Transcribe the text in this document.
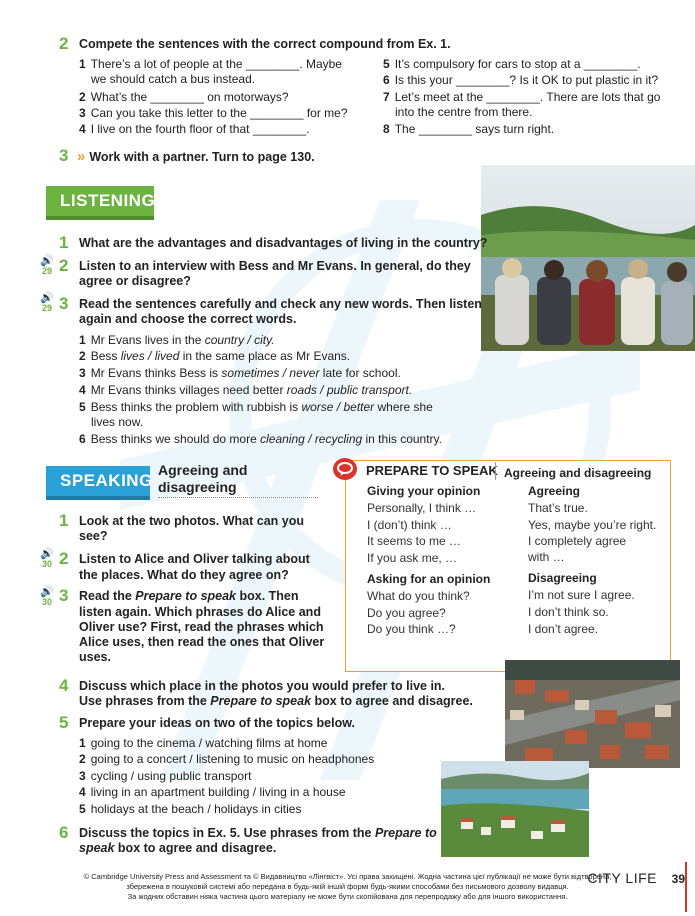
2 Compete the sentences with the correct compound from Ex. 1.
1 There’s a lot of people at the ________. Maybe
we should catch a bus instead.
2 What’s the ________ on motorways?
3 Can you take this letter to the ________ for me?
4 I live on the fourth floor of that ________.
5 It’s compulsory for cars to stop at a ________.
6 Is this your ________? Is it OK to put plastic in it?
7 Let’s meet at the ________. There are lots that go
into the centre from there.
8 The ________ says turn right.
3 » Work with a partner. Turn to page 130.
LISTENING
1 What are the advantages and disadvantages of living in the country?
🔊
29 2 Listen to an interview with Bess and Mr Evans. In general, do they
agree or disagree?
🔊
29 3 Read the sentences carefully and check any new words. Then listen
again and choose the correct words.
1 Mr Evans lives in the country / city.
2 Bess lives / lived in the same place as Mr Evans.
3 Mr Evans thinks Bess is sometimes / never late for school.
4 Mr Evans thinks villages need better roads / public transport.
5 Bess thinks the problem with rubbish is worse / better where she
lives now.
6 Bess thinks we should do more cleaning / recycling in this country.
SPEAKING
Agreeing and
disagreeing
PREPARE TO SPEAK Agreeing and disagreeing
Giving your opinion
Personally, I think …
I (don’t) think …
It seems to me …
If you ask me, …
Asking for an opinion
What do you think?
Do you agree?
Do you think …?
Agreeing
That’s true.
Yes, maybe you’re right.
I completely agree
with …
Disagreeing
I’m not sure I agree.
I don’t think so.
I don’t agree.
1 Look at the two photos. What can you
see?
🔊
30 2 Listen to Alice and Oliver talking about
the places. What do they agree on?
🔊
30 3 Read the Prepare to speak box. Then
listen again. Which phrases do Alice and
Oliver use? First, read the phrases which
Alice uses, then read the ones that Oliver
uses.
4 Discuss which place in the photos you would prefer to live in.
Use phrases from the Prepare to speak box to agree and disagree.
5 Prepare your ideas on two of the topics below.
1 going to the cinema / watching films at home
2 going to a concert / listening to music on headphones
3 cycling / using public transport
4 living in an apartment building / living in a house
5 holidays at the beach / holidays in cities
6 Discuss the topics in Ex. 5. Use phrases from the Prepare to
speak box to agree and disagree.
© Cambridge University Press and Assessment та © Видавництво «Лінгвіст». Усі права захищені. Жодна частина цієї публікації не може бути відтворена,
збережена в пошуковій системі або передана в будь-якій іншій формі будь-якими способами без письмового дозволу видавця.
За жодних обставин ніяка частина цього матеріалу не може бути скопійована для перепродажу або для іншого використання.
CITY LIFE 39
